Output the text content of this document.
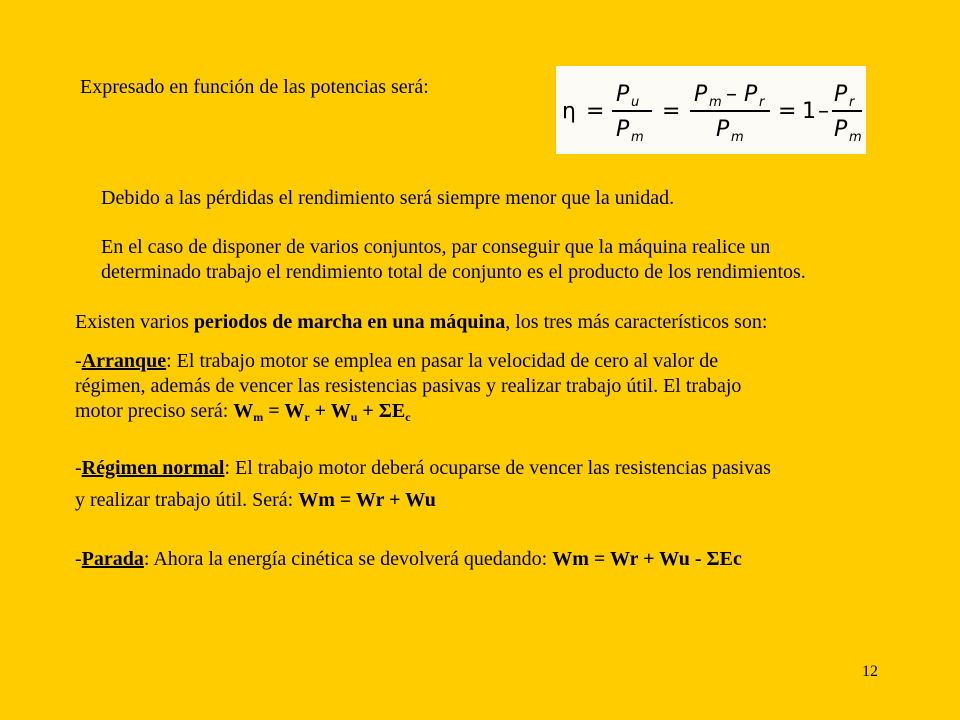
Expresado en función de las potencias será:
η =
P u
P m
=
P m – P r
P m
= 1 –
P r
P m
Debido a las pérdidas el rendimiento será siempre menor que la unidad.
En el caso de disponer de varios conjuntos, par conseguir que la máquina realice un
determinado trabajo el rendimiento total de conjunto es el producto de los rendimientos.
Existen varios periodos de marcha en una máquina, los tres más característicos son:
-Arranque: El trabajo motor se emplea en pasar la velocidad de cero al valor de
régimen, además de vencer las resistencias pasivas y realizar trabajo útil. El trabajo
motor preciso será: $W_m = W_r + W_u + \Sigma E_c$
-Régimen normal: El trabajo motor deberá ocuparse de vencer las resistencias pasivas
y realizar trabajo útil. Será: Wm = Wr + Wu
-Parada: Ahora la energía cinética se devolverá quedando: Wm = Wr + Wu - ΣEc
12
